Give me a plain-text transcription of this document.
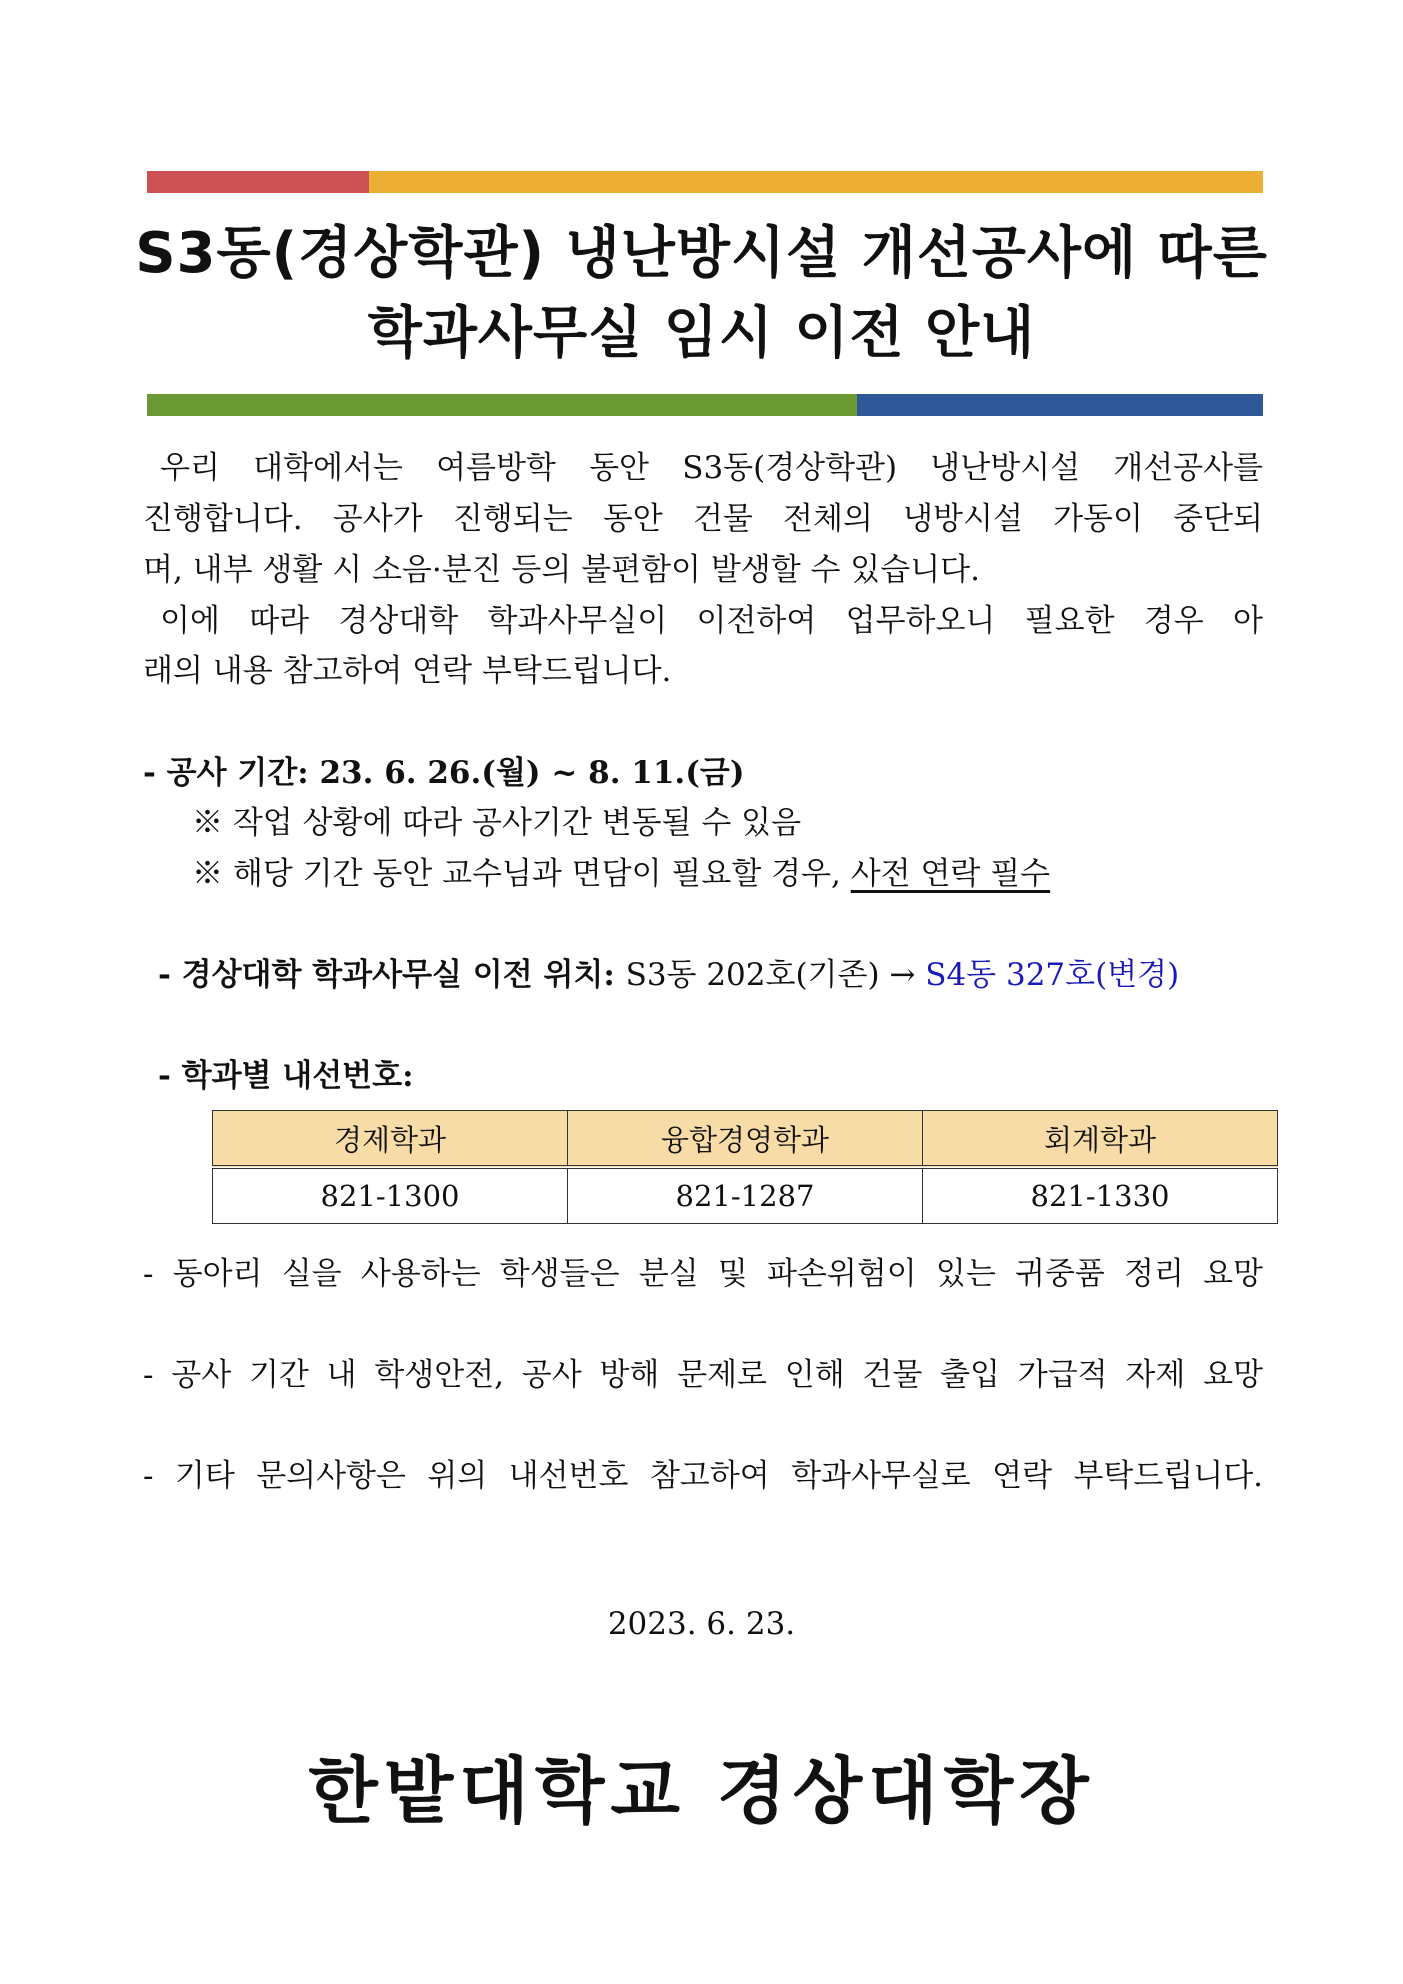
S3동(경상학관) 냉난방시설 개선공사에 따른
학과사무실 임시 이전 안내

우리 대학에서는 여름방학 동안 S3동(경상학관) 냉난방시설 개선공사를

진행합니다. 공사가 진행되는 동안 건물 전체의 냉방시설 가동이 중단되

며, 내부 생활 시 소음·분진 등의 불편함이 발생할 수 있습니다.

이에 따라 경상대학 학과사무실이 이전하여 업무하오니 필요한 경우 아

래의 내용 참고하여 연락 부탁드립니다.

- 공사 기간: 23. 6. 26.(월) ~ 8. 11.(금)

※ 작업 상황에 따라 공사기간 변동될 수 있음

※ 해당 기간 동안 교수님과 면담이 필요할 경우, 사전 연락 필수

- 경상대학 학과사무실 이전 위치: S3동 202호(기존) → S4동 327호(변경)

- 학과별 내선번호:

경제학과	융합경영학과	회계학과
821-1300	821-1287	821-1330

- 동아리 실을 사용하는 학생들은 분실 및 파손위험이 있는 귀중품 정리 요망

- 공사 기간 내 학생안전, 공사 방해 문제로 인해 건물 출입 가급적 자제 요망

- 기타 문의사항은 위의 내선번호 참고하여 학과사무실로 연락 부탁드립니다.

2023. 6. 23.

한밭대학교 경상대학장
